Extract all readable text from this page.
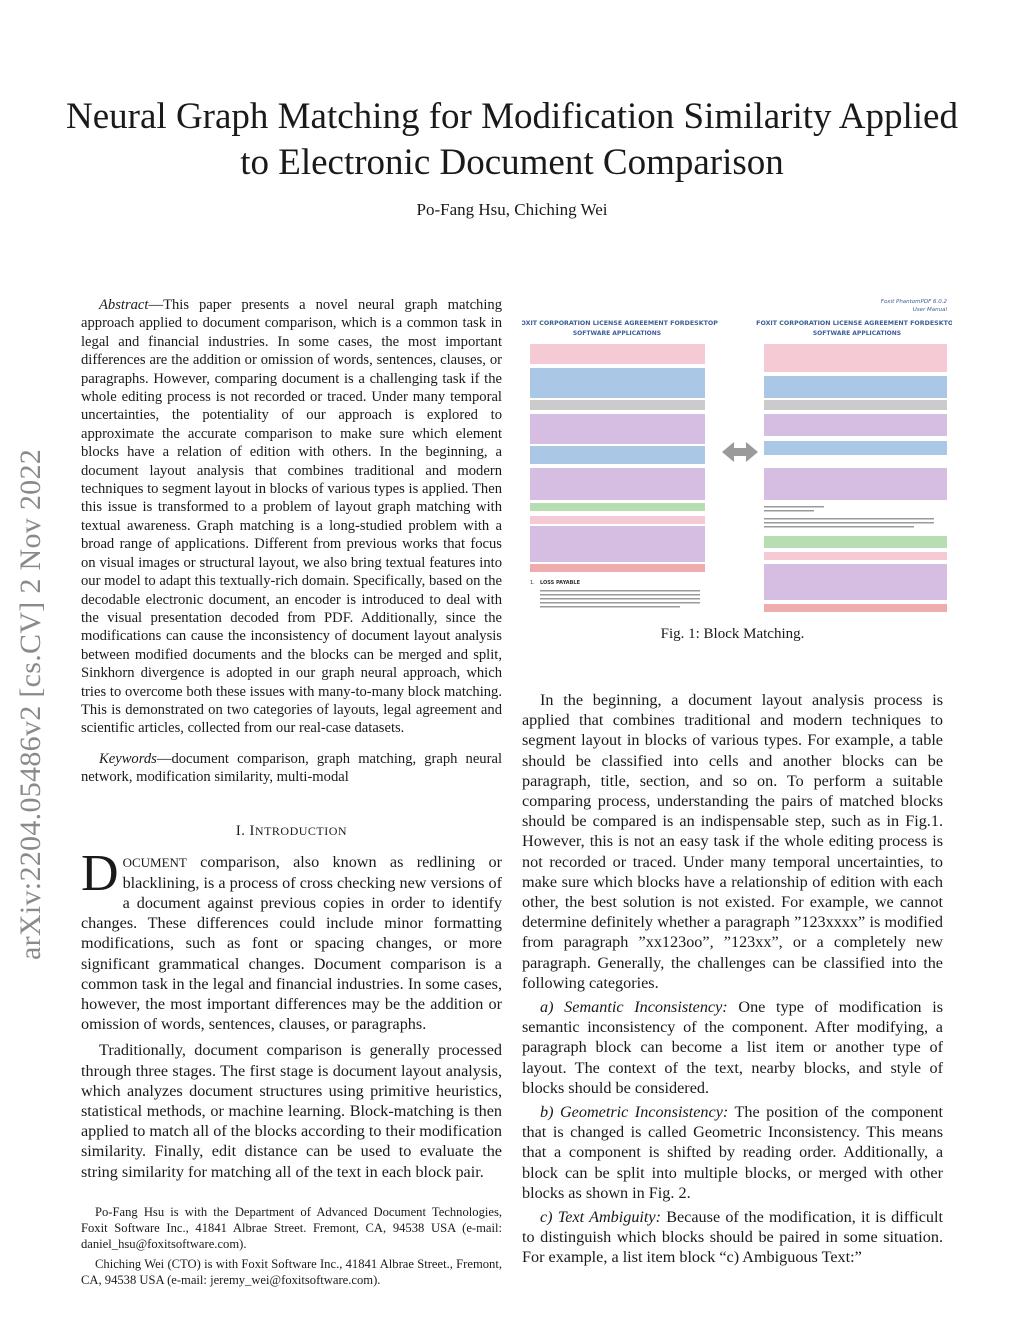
Neural Graph Matching for Modification Similarity Applied to Electronic Document Comparison
Po-Fang Hsu, Chiching Wei
arXiv:2204.05486v2 [cs.CV] 2 Nov 2022

Abstract—This paper presents a novel neural graph matching approach applied to document comparison, which is a common task in legal and financial industries. In some cases, the most important differences are the addition or omission of words, sentences, clauses, or paragraphs. However, comparing document is a challenging task if the whole editing process is not recorded or traced. Under many temporal uncertainties, the potentiality of our approach is explored to approximate the accurate comparison to make sure which element blocks have a relation of edition with others. In the beginning, a document layout analysis that combines traditional and modern techniques to segment layout in blocks of various types is applied. Then this issue is transformed to a problem of layout graph matching with textual awareness. Graph matching is a long-studied problem with a broad range of applications. Different from previous works that focus on visual images or structural layout, we also bring textual features into our model to adapt this textually-rich domain. Specifically, based on the decodable electronic document, an encoder is introduced to deal with the visual presentation decoded from PDF. Additionally, since the modifications can cause the inconsistency of document layout analysis between modified documents and the blocks can be merged and split, Sinkhorn divergence is adopted in our graph neural approach, which tries to overcome both these issues with many-to-many block matching. This is demonstrated on two categories of layouts, legal agreement and scientific articles, collected from our real-case datasets.

Keywords—document comparison, graph matching, graph neural network, modification similarity, multi-modal

I. INTRODUCTION

DOCUMENT comparison, also known as redlining or blacklining, is a process of cross checking new versions of a document against previous copies in order to identify changes. These differences could include minor formatting modifications, such as font or spacing changes, or more significant grammatical changes. Document comparison is a common task in the legal and financial industries. In some cases, however, the most important differences may be the addition or omission of words, sentences, clauses, or paragraphs.

Traditionally, document comparison is generally processed through three stages. The first stage is document layout analysis, which analyzes document structures using primitive heuristics, statistical methods, or machine learning. Block-matching is then applied to match all of the blocks according to their modification similarity. Finally, edit distance can be used to evaluate the string similarity for matching all of the text in each block pair.

Po-Fang Hsu is with the Department of Advanced Document Technologies, Foxit Software Inc., 41841 Albrae Street. Fremont, CA, 94538 USA (e-mail: daniel_hsu@foxitsoftware.com).

Chiching Wei (CTO) is with Foxit Software Inc., 41841 Albrae Street., Fremont, CA, 94538 USA (e-mail: jeremy_wei@foxitsoftware.com).

FOXIT CORPORATION LICENSE AGREEMENT FORDESKTOP
SOFTWARE APPLICATIONS
1. LOSS PAYABLE
Foxit PhantomPDF 6.0.2
User Manual
FOXIT CORPORATION LICENSE AGREEMENT FORDESKTOP
SOFTWARE APPLICATIONS
Fig. 1: Block Matching.

In the beginning, a document layout analysis process is applied that combines traditional and modern techniques to segment layout in blocks of various types. For example, a table should be classified into cells and another blocks can be paragraph, title, section, and so on. To perform a suitable comparing process, understanding the pairs of matched blocks should be compared is an indispensable step, such as in Fig.1. However, this is not an easy task if the whole editing process is not recorded or traced. Under many temporal uncertainties, to make sure which blocks have a relationship of edition with each other, the best solution is not existed. For example, we cannot determine definitely whether a paragraph ”123xxxx” is modified from paragraph ”xx123oo”, ”123xx”, or a completely new paragraph. Generally, the challenges can be classified into the following categories.

a) Semantic Inconsistency: One type of modification is semantic inconsistency of the component. After modifying, a paragraph block can become a list item or another type of layout. The context of the text, nearby blocks, and style of blocks should be considered.

b) Geometric Inconsistency: The position of the component that is changed is called Geometric Inconsistency. This means that a component is shifted by reading order. Additionally, a block can be split into multiple blocks, or merged with other blocks as shown in Fig. 2.

c) Text Ambiguity: Because of the modification, it is difficult to distinguish which blocks should be paired in some situation. For example, a list item block “c) Ambiguous Text:”
